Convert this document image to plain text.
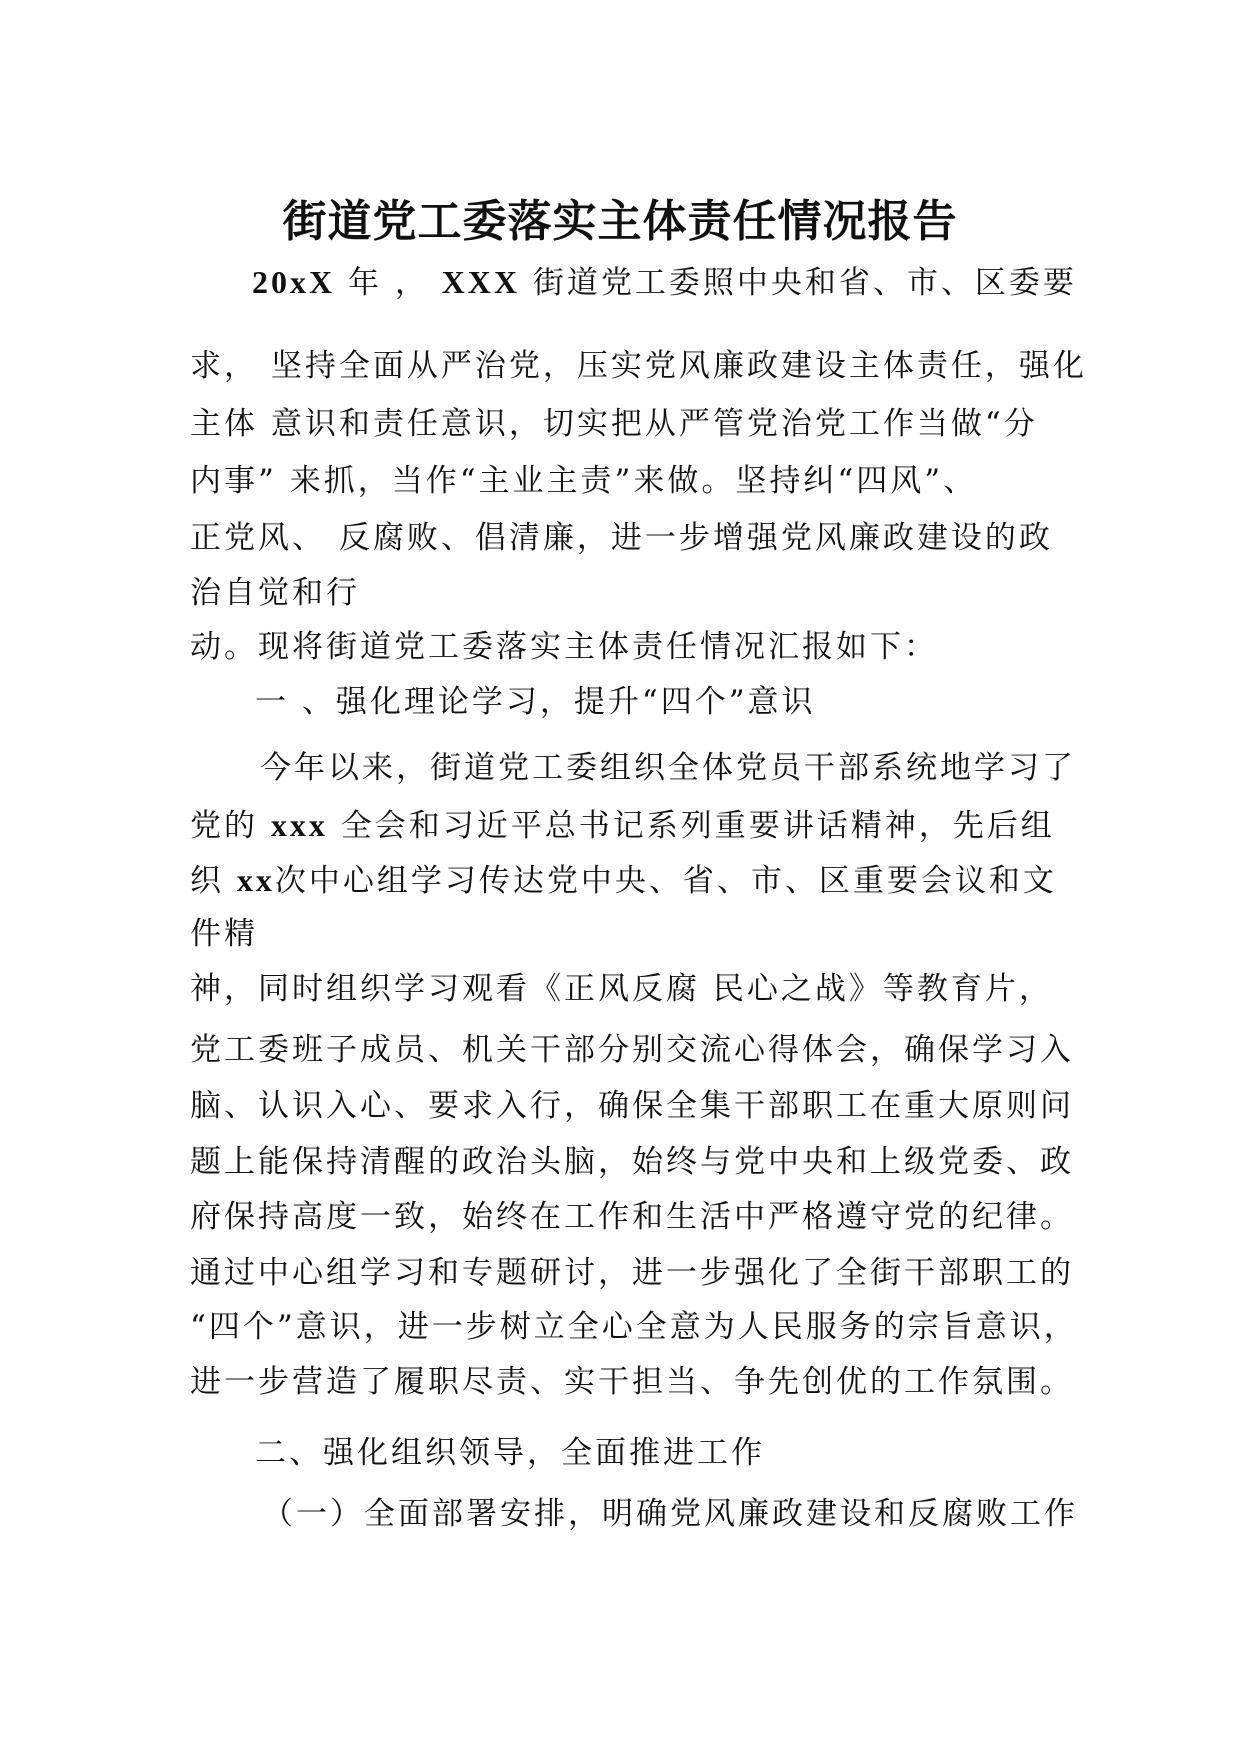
街道党工委落实主体责任情况报告
20xX 年 ， XXX 街道党工委照中央和省、市、区委要
求， 坚持全面从严治党，压实党风廉政建设主体责任，强化
主体 意识和责任意识，切实把从严管党治党工作当做“分
内事” 来抓，当作“主业主责”来做。坚持纠“四风”、
正党风、 反腐败、倡清廉，进一步增强党风廉政建设的政
治自觉和行
动。现将街道党工委落实主体责任情况汇报如下：
一 、强化理论学习，提升“四个”意识
今年以来，街道党工委组织全体党员干部系统地学习了
党的 xxx 全会和习近平总书记系列重要讲话精神，先后组
织 xx次中心组学习传达党中央、省、市、区重要会议和文
件精
神，同时组织学习观看《正风反腐 民心之战》等教育片，
党工委班子成员、机关干部分别交流心得体会，确保学习入
脑、认识入心、要求入行，确保全集干部职工在重大原则问
题上能保持清醒的政治头脑，始终与党中央和上级党委、政
府保持高度一致，始终在工作和生活中严格遵守党的纪律。
通过中心组学习和专题研讨，进一步强化了全街干部职工的
“四个”意识，进一步树立全心全意为人民服务的宗旨意识，
进一步营造了履职尽责、实干担当、争先创优的工作氛围。
二、强化组织领导，全面推进工作
（一）全面部署安排，明确党风廉政建设和反腐败工作
